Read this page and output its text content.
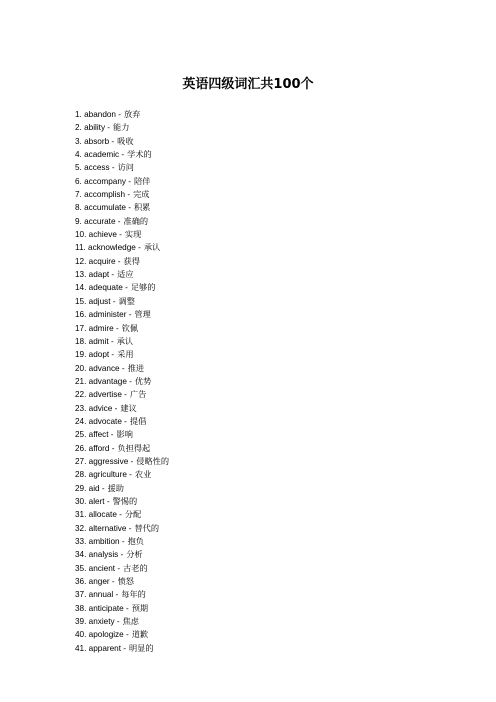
英语四级词汇共100个
1. abandon - 放弃
2. ability - 能力
3. absorb - 吸收
4. academic - 学术的
5. access - 访问
6. accompany - 陪伴
7. accomplish - 完成
8. accumulate - 积累
9. accurate - 准确的
10. achieve - 实现
11. acknowledge - 承认
12. acquire - 获得
13. adapt - 适应
14. adequate - 足够的
15. adjust - 调整
16. administer - 管理
17. admire - 钦佩
18. admit - 承认
19. adopt - 采用
20. advance - 推进
21. advantage - 优势
22. advertise - 广告
23. advice - 建议
24. advocate - 提倡
25. affect - 影响
26. afford - 负担得起
27. aggressive - 侵略性的
28. agriculture - 农业
29. aid - 援助
30. alert - 警惕的
31. allocate - 分配
32. alternative - 替代的
33. ambition - 抱负
34. analysis - 分析
35. ancient - 古老的
36. anger - 愤怒
37. annual - 每年的
38. anticipate - 预期
39. anxiety - 焦虑
40. apologize - 道歉
41. apparent - 明显的
